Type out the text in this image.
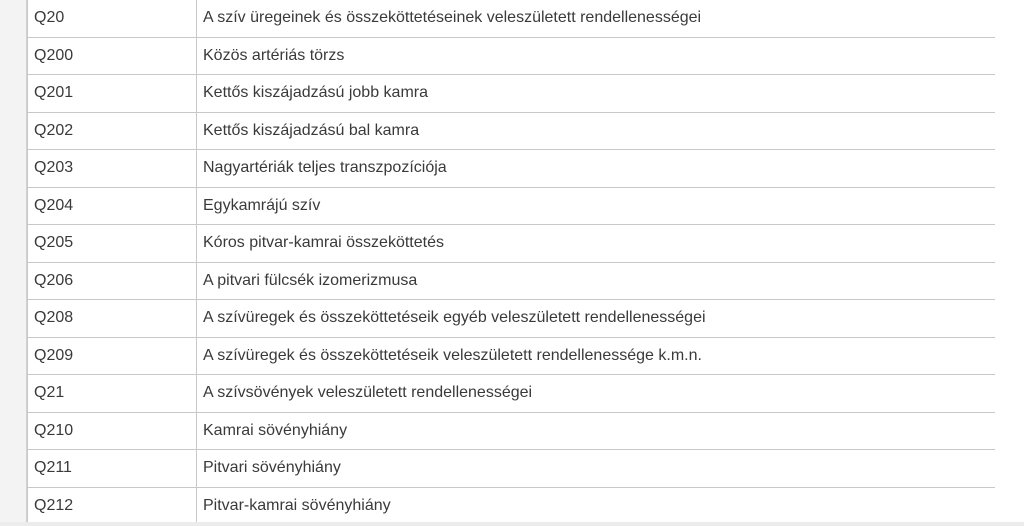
Q20	A szív üregeinek és összeköttetéseinek veleszületett rendellenességei
Q200	Közös artériás törzs
Q201	Kettős kiszájadzású jobb kamra
Q202	Kettős kiszájadzású bal kamra
Q203	Nagyartériák teljes transzpozíciója
Q204	Egykamrájú szív
Q205	Kóros pitvar-kamrai összeköttetés
Q206	A pitvari fülcsék izomerizmusa
Q208	A szívüregek és összeköttetéseik egyéb veleszületett rendellenességei
Q209	A szívüregek és összeköttetéseik veleszületett rendellenessége k.m.n.
Q21	A szívsövények veleszületett rendellenességei
Q210	Kamrai sövényhiány
Q211	Pitvari sövényhiány
Q212	Pitvar-kamrai sövényhiány
